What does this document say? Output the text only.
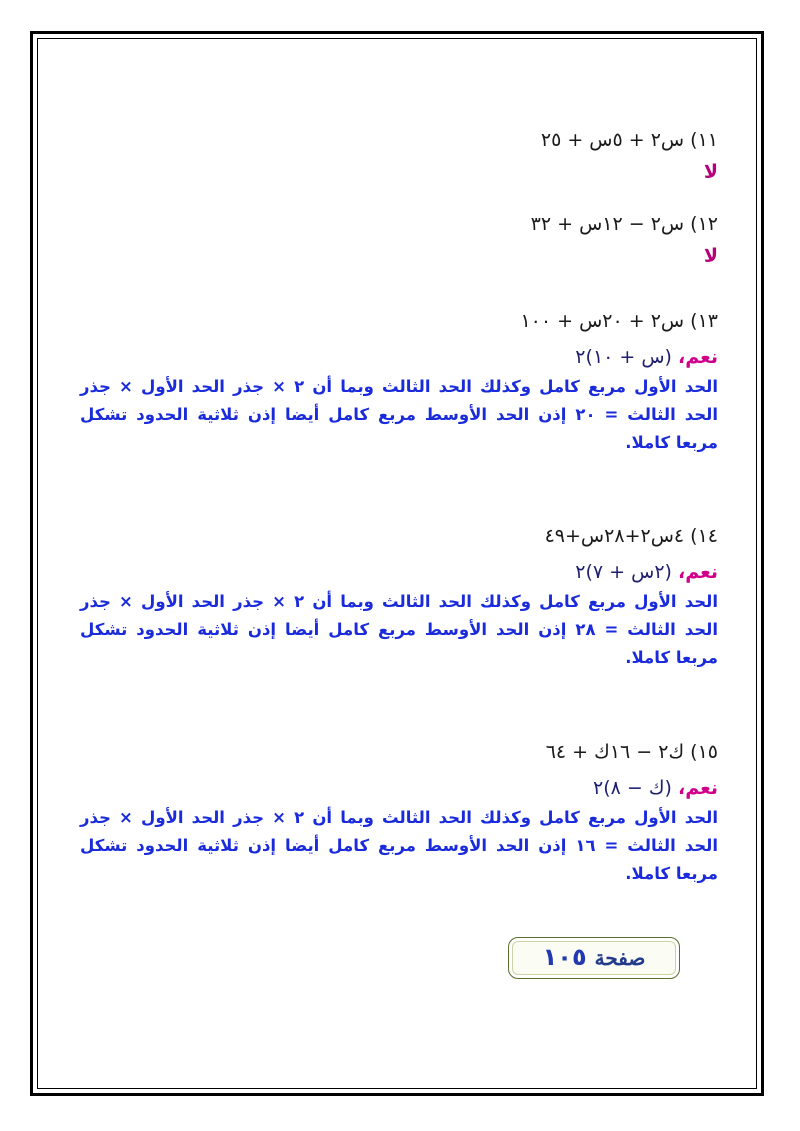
١١) س٢ + ٥س + ٢٥
لا
١٢) س٢ − ١٢س + ٣٢
لا
١٣) س٢ + ٢٠س + ١٠٠
نعم، (س + ١٠)٢
الحد الأول مربع كامل وكذلك الحد الثالث وبما أن ٢ × جذر الحد الأول × جذر الحد الثالث = ٢٠ إذن الحد الأوسط مربع كامل أيضا إذن ثلاثية الحدود تشكل مربعا كاملا.
١٤) ٤س٢+٢٨س+٤٩
نعم، (٢س + ٧)٢
الحد الأول مربع كامل وكذلك الحد الثالث وبما أن ٢ × جذر الحد الأول × جذر الحد الثالث = ٢٨ إذن الحد الأوسط مربع كامل أيضا إذن ثلاثية الحدود تشكل مربعا كاملا.
١٥) ك٢ − ١٦ك + ٦٤
نعم، (ك − ٨)٢
الحد الأول مربع كامل وكذلك الحد الثالث وبما أن ٢ × جذر الحد الأول × جذر الحد الثالث = ١٦ إذن الحد الأوسط مربع كامل أيضا إذن ثلاثية الحدود تشكل مربعا كاملا.
صفحة١٠٥
